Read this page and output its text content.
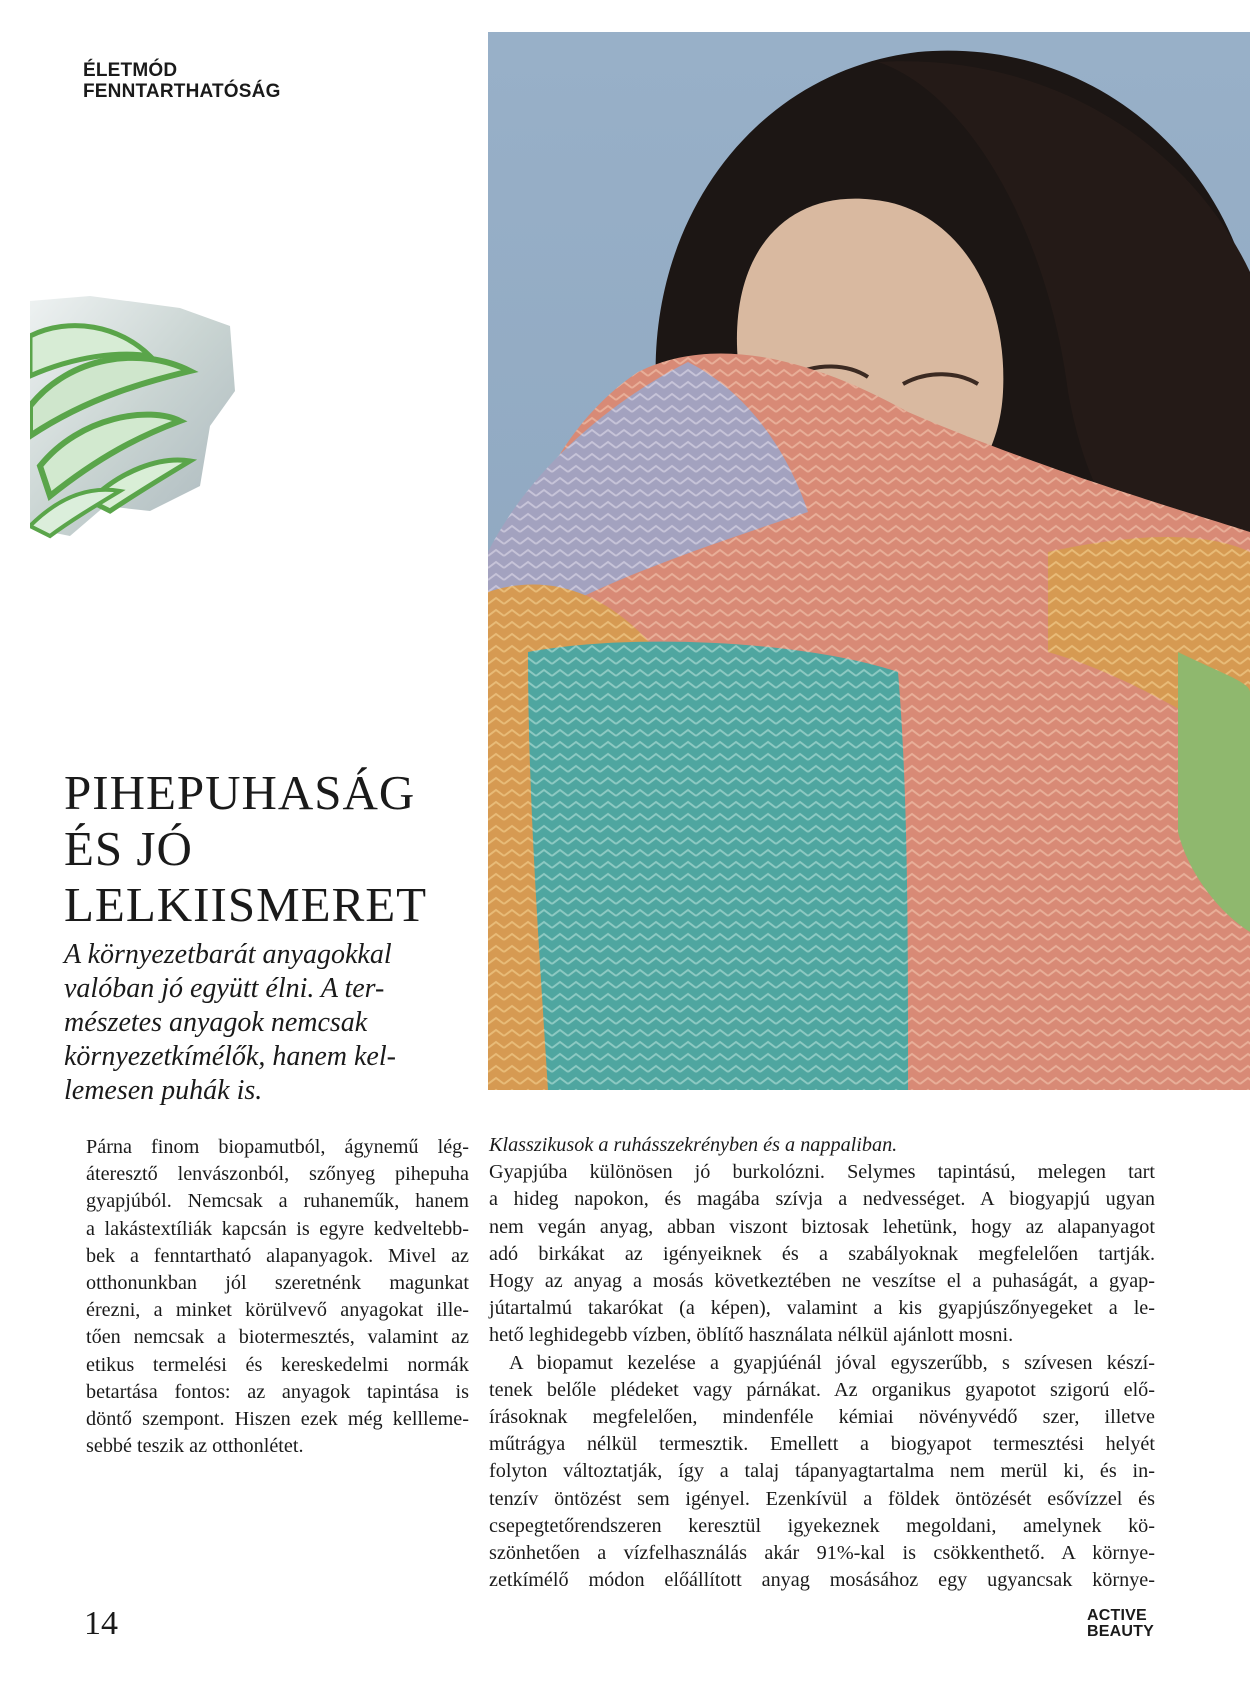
ÉLETMÓD
FENNTARTHATÓSÁG
PIHEPUHASÁG
ÉS JÓ
LELKIISMERET
A környezetbarát anyagokkal
valóban jó együtt élni. A ter-
mészetes anyagok nemcsak
környezetkímélők, hanem kel-
lemesen puhák is.
Párna finom biopamutból, ágynemű lég-
áteresztő lenvászonból, szőnyeg pihepuha
gyapjúból. Nemcsak a ruhaneműk, hanem
a lakástextíliák kapcsán is egyre kedveltebb-
bek a fenntartható alapanyagok. Mivel az
otthonunkban jól szeretnénk magunkat
érezni, a minket körülvevő anyagokat ille-
tően nemcsak a biotermesztés, valamint az
etikus termelési és kereskedelmi normák
betartása fontos: az anyagok tapintása is
döntő szempont. Hiszen ezek még kellleme-
sebbé teszik az otthonlétet.
Klasszikusok a ruhásszekrényben és a nappaliban.
Gyapjúba különösen jó burkolózni. Selymes tapintású, melegen tart
a hideg napokon, és magába szívja a nedvességet. A biogyapjú ugyan
nem vegán anyag, abban viszont biztosak lehetünk, hogy az alapanyagot
adó birkákat az igényeiknek és a szabályoknak megfelelően tartják.
Hogy az anyag a mosás következtében ne veszítse el a puhaságát, a gyap-
jútartalmú takarókat (a képen), valamint a kis gyapjúszőnyegeket a le-
hető leghidegebb vízben, öblítő használata nélkül ajánlott mosni.
A biopamut kezelése a gyapjúénál jóval egyszerűbb, s szívesen készí-
tenek belőle plédeket vagy párnákat. Az organikus gyapotot szigorú elő-
írásoknak megfelelően, mindenféle kémiai növényvédő szer, illetve
műtrágya nélkül termesztik. Emellett a biogyapot termesztési helyét
folyton változtatják, így a talaj tápanyagtartalma nem merül ki, és in-
tenzív öntözést sem igényel. Ezenkívül a földek öntözését esővízzel és
csepegtetőrendszeren keresztül igyekeznek megoldani, amelynek kö-
szönhetően a vízfelhasználás akár 91%-kal is csökkenthető. A környe-
zetkímélő módon előállított anyag mosásához egy ugyancsak környe-
14	ACTIVE
BEAUTY
